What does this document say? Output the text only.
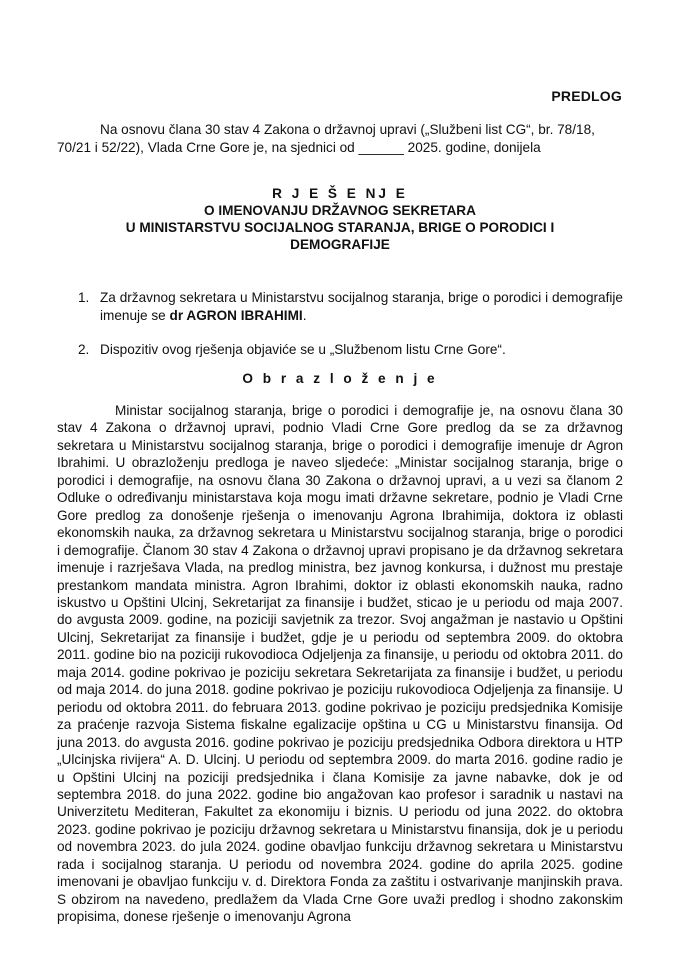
PREDLOG

Na osnovu člana 30 stav 4 Zakona o državnoj upravi („Službeni list CG“, br. 78/18, 70/21 i 52/22), Vlada Crne Gore je, na sjednici od ______ 2025. godine, donijela

R J E Š E NJ E
O IMENOVANJU DRŽAVNOG SEKRETARA
U MINISTARSTVU SOCIJALNOG STARANJA, BRIGE O PORODICI I
DEMOGRAFIJE
1. Za državnog sekretara u Ministarstvu socijalnog staranja, brige o porodici i demografije imenuje se dr AGRON IBRAHIMI.
2. Dispozitiv ovog rješenja objaviće se u „Službenom listu Crne Gore“.
O b r a z l o ž e n j e

Ministar socijalnog staranja, brige o porodici i demografije je, na osnovu člana 30 stav 4 Zakona o državnoj upravi, podnio Vladi Crne Gore predlog da se za državnog sekretara u Ministarstvu socijalnog staranja, brige o porodici i demografije imenuje dr Agron Ibrahimi. U obrazloženju predloga je naveo sljedeće: „Ministar socijalnog staranja, brige o porodici i demografije, na osnovu člana 30 Zakona o državnoj upravi, a u vezi sa članom 2 Odluke o određivanju ministarstava koja mogu imati državne sekretare, podnio je Vladi Crne Gore predlog za donošenje rješenja o imenovanju Agrona Ibrahimija, doktora iz oblasti ekonomskih nauka, za državnog sekretara u Ministarstvu socijalnog staranja, brige o porodici i demografije. Članom 30 stav 4 Zakona o državnoj upravi propisano je da državnog sekretara imenuje i razrješava Vlada, na predlog ministra, bez javnog konkursa, i dužnost mu prestaje prestankom mandata ministra. Agron Ibrahimi, doktor iz oblasti ekonomskih nauka, radno iskustvo u Opštini Ulcinj, Sekretarijat za finansije i budžet, sticao je u periodu od maja 2007. do avgusta 2009. godine, na poziciji savjetnik za trezor. Svoj angažman je nastavio u Opštini Ulcinj, Sekretarijat za finansije i budžet, gdje je u periodu od septembra 2009. do oktobra 2011. godine bio na poziciji rukovodioca Odjeljenja za finansije, u periodu od oktobra 2011. do maja 2014. godine pokrivao je poziciju sekretara Sekretarijata za finansije i budžet, u periodu od maja 2014. do juna 2018. godine pokrivao je poziciju rukovodioca Odjeljenja za finansije. U periodu od oktobra 2011. do februara 2013. godine pokrivao je poziciju predsjednika Komisije za praćenje razvoja Sistema fiskalne egalizacije opština u CG u Ministarstvu finansija. Od juna 2013. do avgusta 2016. godine pokrivao je poziciju predsjednika Odbora direktora u HTP „Ulcinjska rivijera“ A. D. Ulcinj. U periodu od septembra 2009. do marta 2016. godine radio je u Opštini Ulcinj na poziciji predsjednika i člana Komisije za javne nabavke, dok je od septembra 2018. do juna 2022. godine bio angažovan kao profesor i saradnik u nastavi na Univerzitetu Mediteran, Fakultet za ekonomiju i biznis. U periodu od juna 2022. do oktobra 2023. godine pokrivao je poziciju državnog sekretara u Ministarstvu finansija, dok je u periodu od novembra 2023. do jula 2024. godine obavljao funkciju državnog sekretara u Ministarstvu rada i socijalnog staranja. U periodu od novembra 2024. godine do aprila 2025. godine imenovani je obavljao funkciju v. d. Direktora Fonda za zaštitu i ostvarivanje manjinskih prava. S obzirom na navedeno, predlažem da Vlada Crne Gore uvaži predlog i shodno zakonskim propisima, donese rješenje o imenovanju Agrona
